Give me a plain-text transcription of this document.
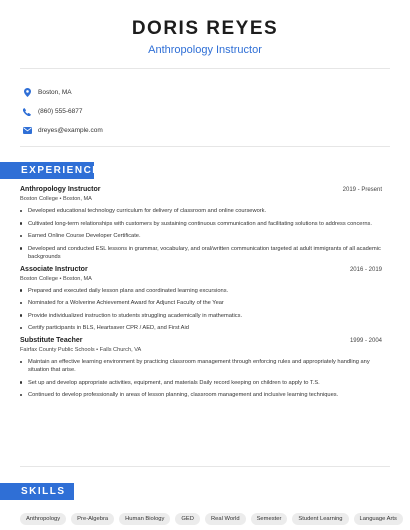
DORIS REYES
Anthropology Instructor
Boston, MA
(860) 555-6877
dreyes@example.com
EXPERIENCE
Anthropology Instructor	2019 - Present
Boston College • Boston, MA
Developed educational technology curriculum for delivery of classroom and online coursework.
Cultivated long-term relationships with customers by sustaining continuous communication and facilitating solutions to address concerns.
Earned Online Course Developer Certificate.
Developed and conducted ESL lessons in grammar, vocabulary, and oral/written communication targeted at adult immigrants of all academic backgrounds
Associate Instructor	2016 - 2019
Boston College • Boston, MA
Prepared and executed daily lesson plans and coordinated learning excursions.
Nominated for a Wolverine Achievement Award for Adjunct Faculty of the Year
Provide individualized instruction to students struggling academically in mathematics.
Certify participants in BLS, Heartsaver CPR / AED, and First Aid
Substitute Teacher	1999 - 2004
Fairfax County Public Schools • Falls Church, VA
Maintain an effective learning environment by practicing classroom management through enforcing rules and appropriately handling any situation that arise.
Set up and develop appropriate activities, equipment, and materials Daily record keeping on children to apply to T.S.
Continued to develop professionally in areas of lesson planning, classroom management and inclusive learning techniques.
SKILLS
Anthropology	Pre-Algebra	Human Biology	GED	Real World	Semester	Student Learning	Language Arts
